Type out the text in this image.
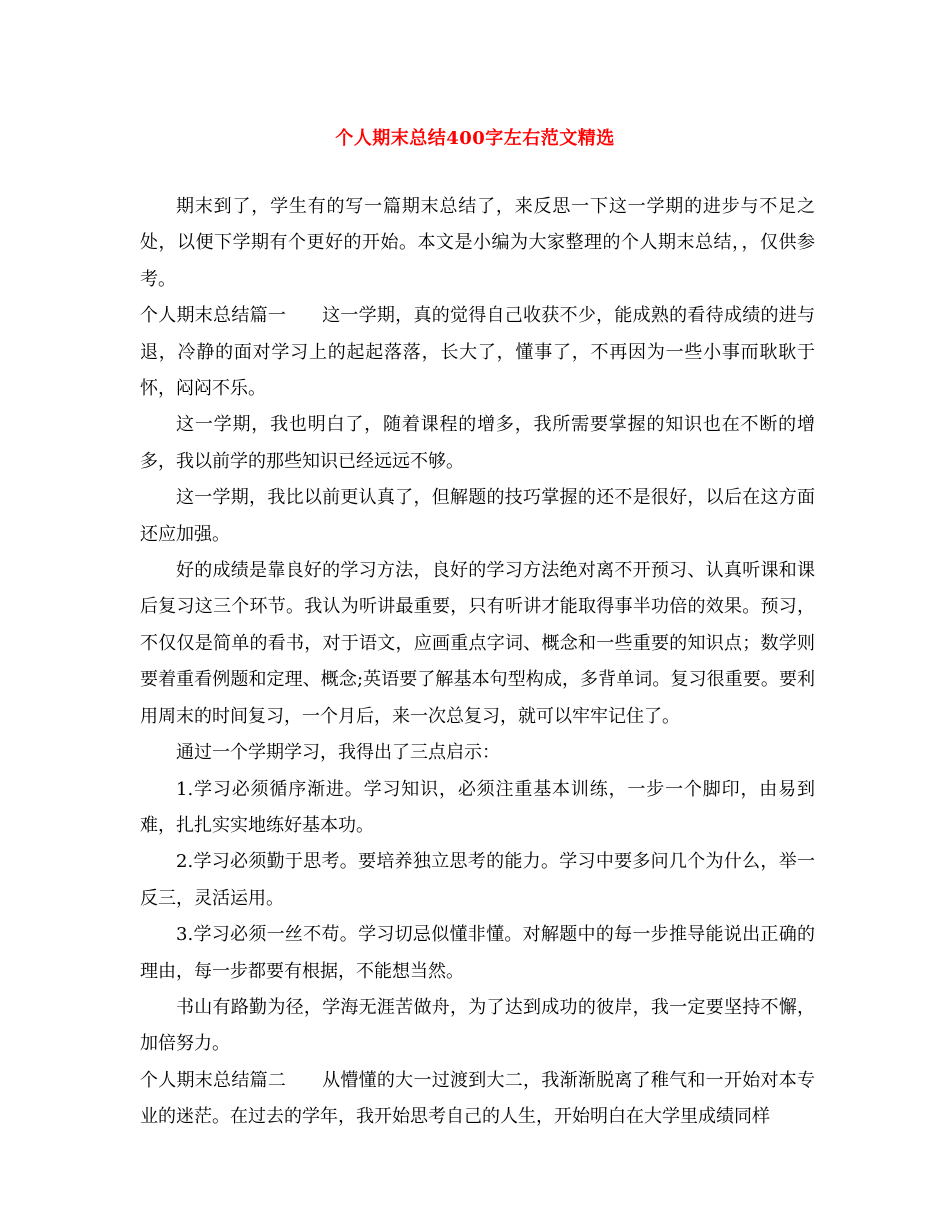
个人期末总结400字左右范文精选

期末到了，学生有的写一篇期末总结了，来反思一下这一学期的进步与不足之处，以便下学期有个更好的开始。本文是小编为大家整理的个人期末总结，，仅供参考。

个人期末总结篇一 这一学期，真的觉得自己收获不少，能成熟的看待成绩的进与退，冷静的面对学习上的起起落落，长大了，懂事了，不再因为一些小事而耿耿于怀，闷闷不乐。

这一学期，我也明白了，随着课程的增多，我所需要掌握的知识也在不断的增多，我以前学的那些知识已经远远不够。

这一学期，我比以前更认真了，但解题的技巧掌握的还不是很好，以后在这方面还应加强。

好的成绩是靠良好的学习方法，良好的学习方法绝对离不开预习、认真听课和课后复习这三个环节。我认为听讲最重要，只有听讲才能取得事半功倍的效果。预习，不仅仅是简单的看书，对于语文，应画重点字词、概念和一些重要的知识点；数学则要着重看例题和定理、概念;英语要了解基本句型构成，多背单词。复习很重要。要利用周末的时间复习，一个月后，来一次总复习，就可以牢牢记住了。

通过一个学期学习，我得出了三点启示：

1.学习必须循序渐进。学习知识，必须注重基本训练，一步一个脚印，由易到难，扎扎实实地练好基本功。

2.学习必须勤于思考。要培养独立思考的能力。学习中要多问几个为什么，举一反三，灵活运用。

3.学习必须一丝不苟。学习切忌似懂非懂。对解题中的每一步推导能说出正确的理由，每一步都要有根据，不能想当然。

书山有路勤为径，学海无涯苦做舟，为了达到成功的彼岸，我一定要坚持不懈，加倍努力。

个人期末总结篇二 从懵懂的大一过渡到大二，我渐渐脱离了稚气和一开始对本专业的迷茫。在过去的学年，我开始思考自己的人生，开始明白在大学里成绩同样
